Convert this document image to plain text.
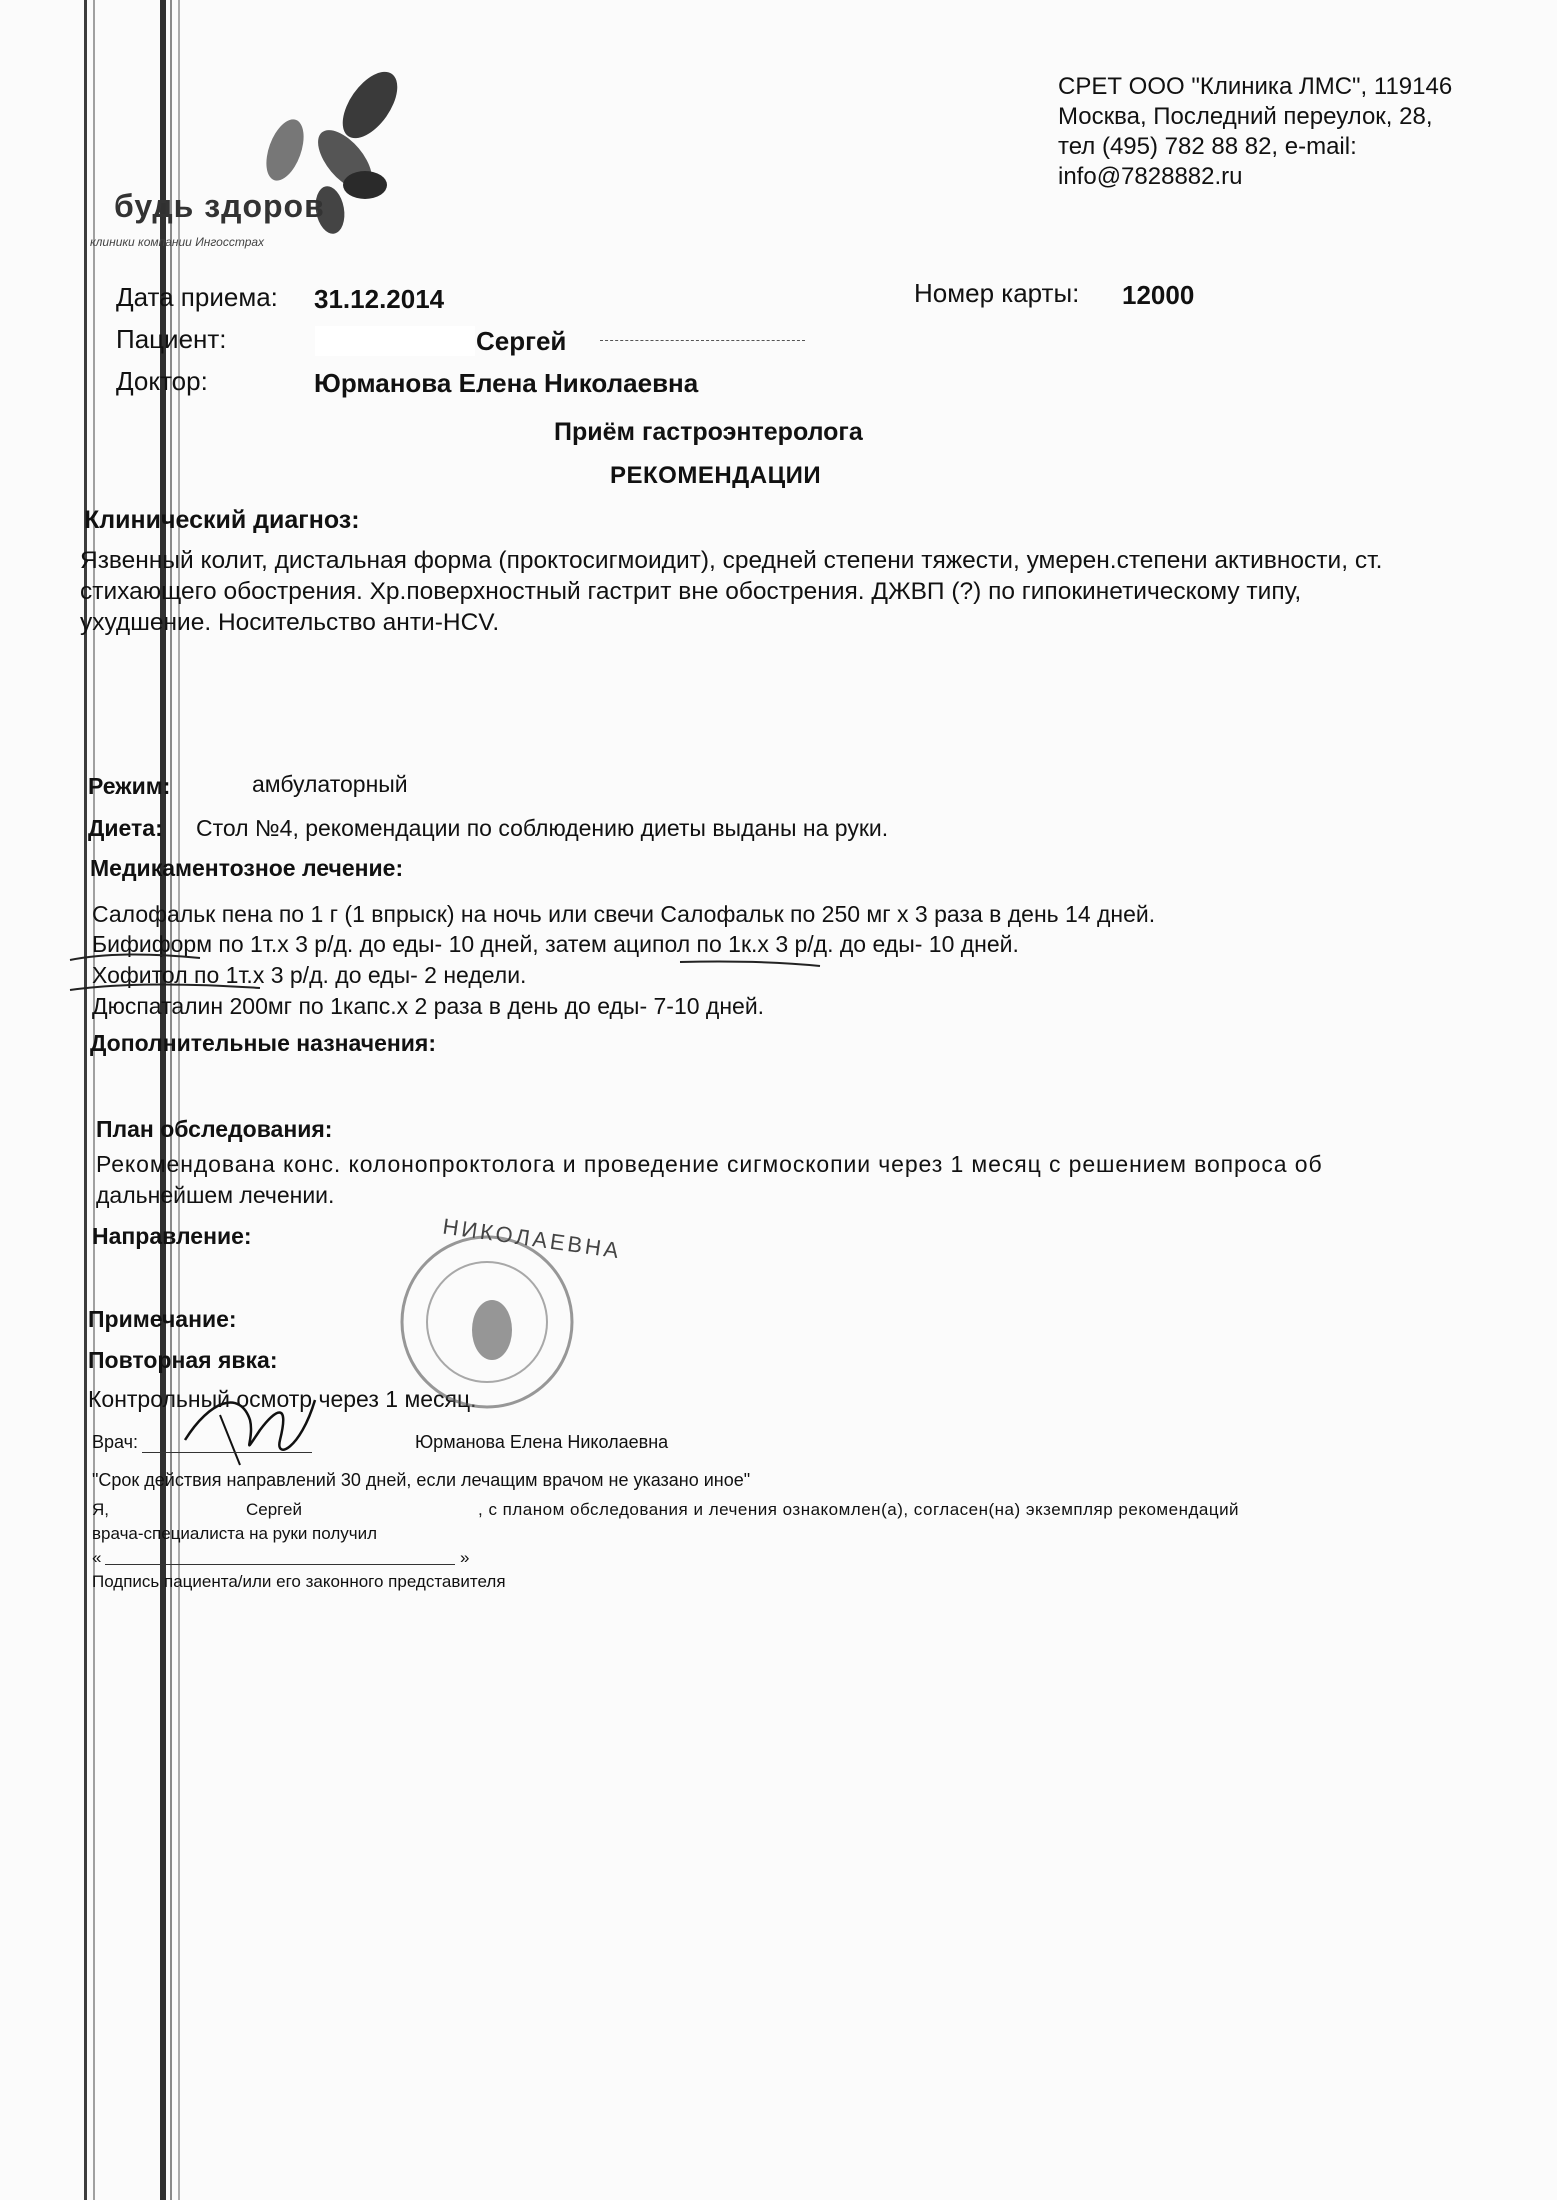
будь здоров
клиники компании Ингосстрах
СРЕТ ООО "Клиника ЛМС", 119146
Москва, Последний переулок, 28,
тел (495) 782 88 82, e-mail:
info@7828882.ru
Дата приема: 31.12.2014	Номер карты: 12000
Пациент:	Сергей
Доктор:	Юрманова Елена Николаевна
Приём гастроэнтеролога
РЕКОМЕНДАЦИИ
Клинический диагноз:
Язвенный колит, дистальная форма (проктосигмоидит), средней степени тяжести, умерен.степени активности, ст.
стихающего обострения. Хр.поверхностный гастрит вне обострения. ДЖВП (?) по гипокинетическому типу,
ухудшение. Носительство анти-HCV.
Режим:	амбулаторный
Диета: Стол №4, рекомендации по соблюдению диеты выданы на руки.
Медикаментозное лечение:
Салофальк пена по 1 г (1 впрыск) на ночь или свечи Салофальк по 250 мг х 3 раза в день 14 дней.
Бифиформ по 1т.х 3 р/д. до еды- 10 дней, затем аципол по 1к.х 3 р/д. до еды- 10 дней.
Хофитол по 1т.х 3 р/д. до еды- 2 недели.
Дюспаталин 200мг по 1капс.х 2 раза в день до еды- 7-10 дней.
Дополнительные назначения:
План обследования:
Рекомендована конс. колонопроктолога и проведение сигмоскопии через 1 месяц с решением вопроса об
дальнейшем лечении.
Направление:
Примечание:
Повторная явка:
Контрольный осмотр через 1 месяц.
НИКОЛАЕВНА
Врач:	Юрманова Елена Николаевна
"Срок действия направлений 30 дней, если лечащим врачом не указано иное"
Я,	Сергей	, с планом обследования и лечения ознакомлен(а), согласен(на) экземпляр рекомендаций
врача-специалиста на руки получил
«	»
Подпись пациента/или его законного представителя
